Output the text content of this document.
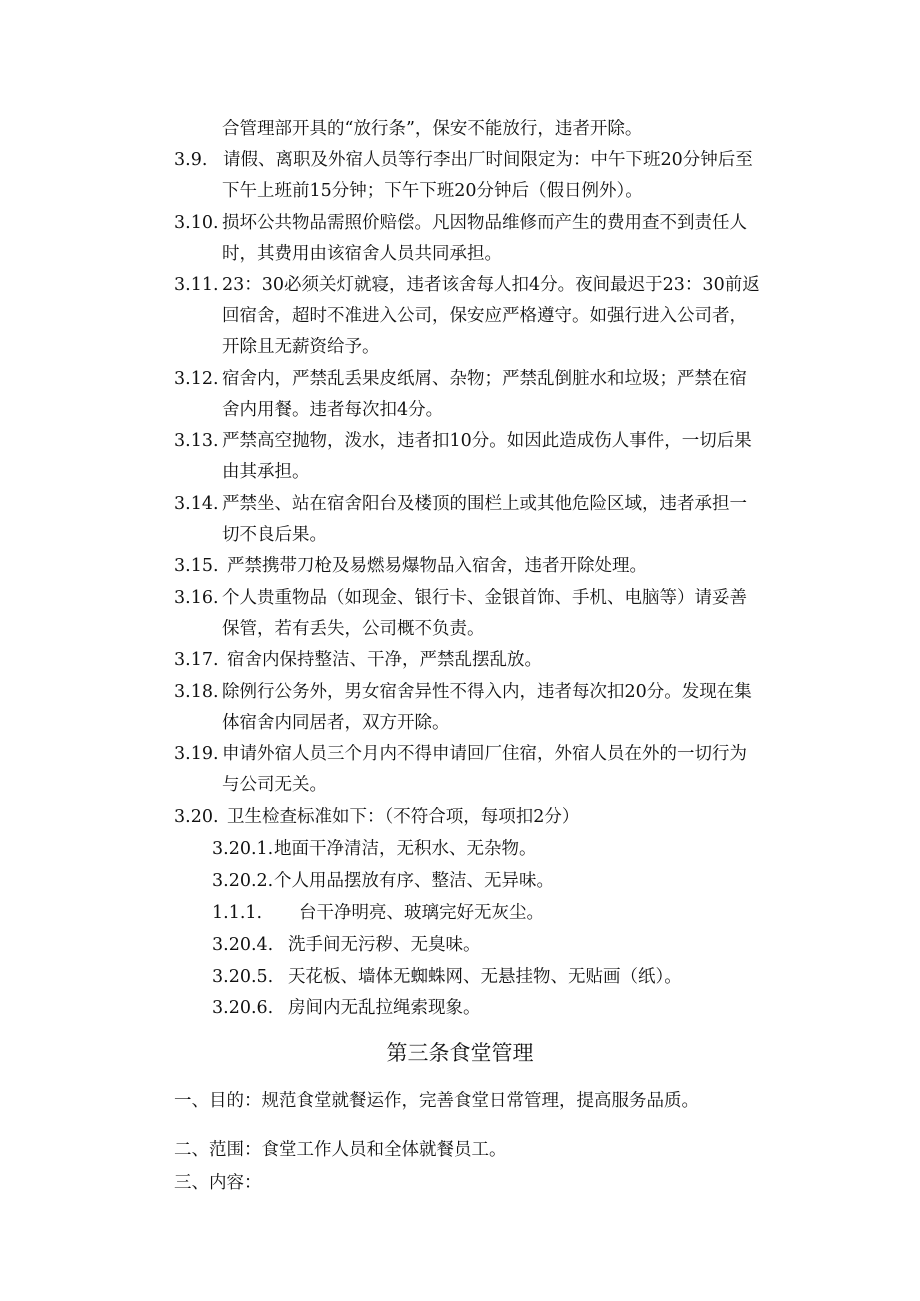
合管理部开具的“放行条”，保安不能放行，违者开除。
3.9. 请假、离职及外宿人员等行李出厂时间限定为：中午下班20分钟后至
下午上班前15分钟；下午下班20分钟后（假日例外）。
3.10. 损坏公共物品需照价赔偿。凡因物品维修而产生的费用查不到责任人
时，其费用由该宿舍人员共同承担。
3.11. 23：30必须关灯就寝，违者该舍每人扣4分。夜间最迟于23：30前返
回宿舍，超时不准进入公司，保安应严格遵守。如强行进入公司者，
开除且无薪资给予。
3.12. 宿舍内，严禁乱丢果皮纸屑、杂物；严禁乱倒脏水和垃圾；严禁在宿
舍内用餐。违者每次扣4分。
3.13. 严禁高空抛物，泼水，违者扣10分。如因此造成伤人事件，一切后果
由其承担。
3.14. 严禁坐、站在宿舍阳台及楼顶的围栏上或其他危险区域，违者承担一
切不良后果。
3.15. 严禁携带刀枪及易燃易爆物品入宿舍，违者开除处理。
3.16. 个人贵重物品（如现金、银行卡、金银首饰、手机、电脑等）请妥善
保管，若有丢失，公司概不负责。
3.17. 宿舍内保持整洁、干净，严禁乱摆乱放。
3.18. 除例行公务外，男女宿舍异性不得入内，违者每次扣20分。发现在集
体宿舍内同居者，双方开除。
3.19. 申请外宿人员三个月内不得申请回厂住宿，外宿人员在外的一切行为
与公司无关。
3.20. 卫生检查标准如下：（不符合项，每项扣2分）
3.20.1.地面干净清洁，无积水、无杂物。
3.20.2.个人用品摆放有序、整洁、无异味。
1.1.1. 台干净明亮、玻璃完好无灰尘。
3.20.4. 洗手间无污秽、无臭味。
3.20.5. 天花板、墙体无蜘蛛网、无悬挂物、无贴画（纸）。
3.20.6. 房间内无乱拉绳索现象。
第三条食堂管理
一、目的：规范食堂就餐运作，完善食堂日常管理，提高服务品质。
二、范围：食堂工作人员和全体就餐员工。
三、内容：
